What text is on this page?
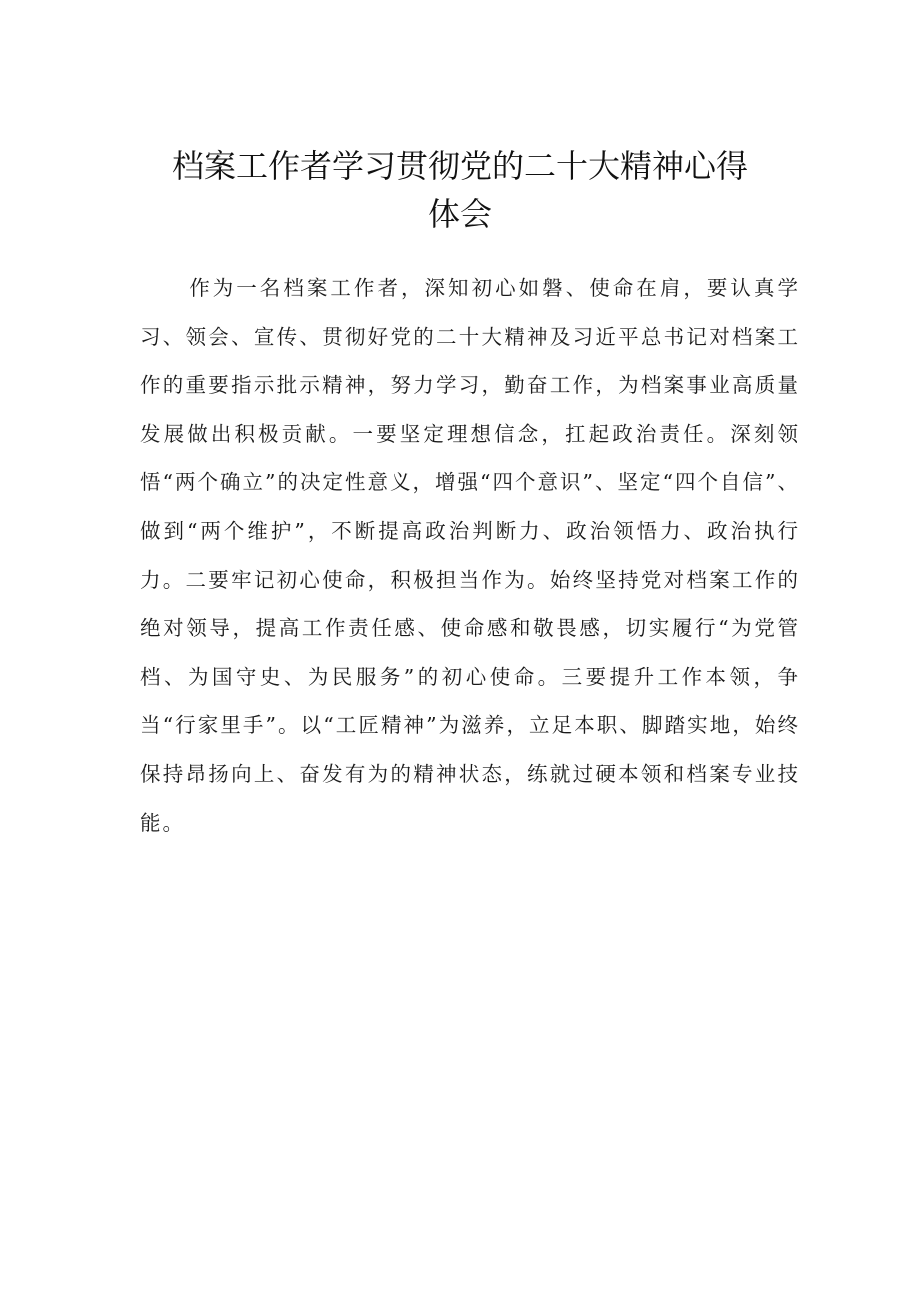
档案工作者学习贯彻党的二十大精神心得
体会

作为一名档案工作者，深知初心如磐、使命在肩，要认真学习、领会、宣传、贯彻好党的二十大精神及习近平总书记对档案工作的重要指示批示精神，努力学习，勤奋工作，为档案事业高质量发展做出积极贡献。一要坚定理想信念，扛起政治责任。深刻领悟“两个确立”的决定性意义，增强“四个意识”、坚定“四个自信”、做到“两个维护”，不断提高政治判断力、政治领悟力、政治执行力。二要牢记初心使命，积极担当作为。始终坚持党对档案工作的绝对领导，提高工作责任感、使命感和敬畏感，切实履行“为党管档、为国守史、为民服务”的初心使命。三要提升工作本领，争当“行家里手”。以“工匠精神”为滋养，立足本职、脚踏实地，始终保持昂扬向上、奋发有为的精神状态，练就过硬本领和档案专业技能。
